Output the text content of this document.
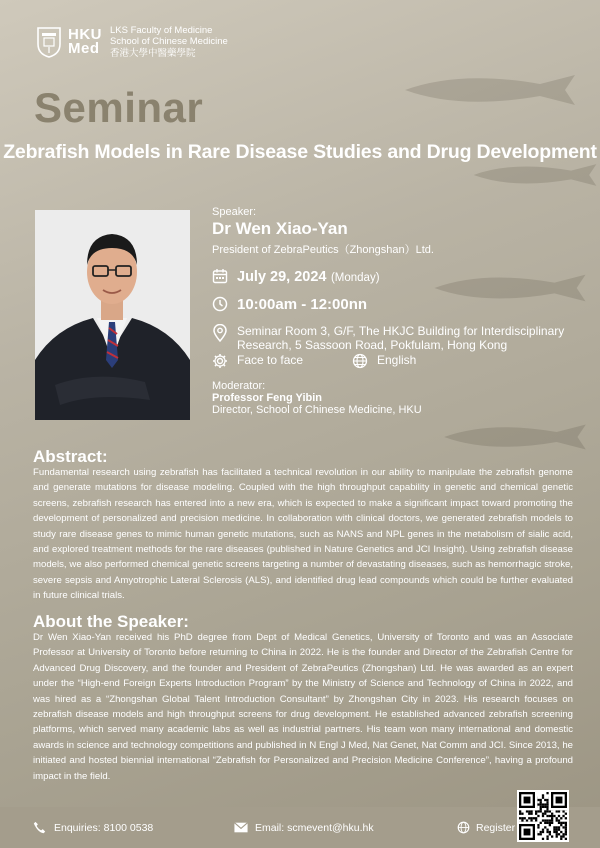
HKU
Med
LKS Faculty of Medicine
School of Chinese Medicine
香港大學中醫藥學院
Seminar
Zebrafish Models in Rare Disease Studies and Drug Development
Speaker:
Dr Wen Xiao-Yan
President of ZebraPeutics（Zhongshan）Ltd.
July 29, 2024 (Monday)
10:00am - 12:00nn
Seminar Room 3, G/F, The HKJC Building for Interdisciplinary
Research, 5 Sassoon Road, Pokfulam, Hong Kong
Face to face	English
Moderator:
Professor Feng Yibin
Director, School of Chinese Medicine, HKU
Abstract:
Fundamental research using zebrafish has facilitated a technical revolution in our ability to manipulate the zebrafish genome and generate mutations for disease modeling. Coupled with the high throughput capability in genetic and chemical genetic screens, zebrafish research has entered into a new era, which is expected to make a significant impact toward promoting the development of personalized and precision medicine. In collaboration with clinical doctors, we generated zebrafish models to study rare disease genes to mimic human genetic mutations, such as NANS and NPL genes in the metabolism of sialic acid, and explored treatment methods for the rare diseases (published in Nature Genetics and JCI Insight). Using zebrafish disease models, we also performed chemical genetic screens targeting a number of devastating diseases, such as hemorrhagic stroke, severe sepsis and Amyotrophic Lateral Sclerosis (ALS), and identified drug lead compounds which could be further evaluated in future clinical trials.
About the Speaker:
Dr Wen Xiao-Yan received his PhD degree from Dept of Medical Genetics, University of Toronto and was an Associate Professor at University of Toronto before returning to China in 2022. He is the founder and Director of the Zebrafish Centre for Advanced Drug Discovery, and the founder and President of ZebraPeutics (Zhongshan) Ltd. He was awarded as an expert under the “High-end Foreign Experts Introduction Program” by the Ministry of Science and Technology of China in 2022, and was hired as a “Zhongshan Global Talent Introduction Consultant” by Zhongshan City in 2023. His research focuses on zebrafish disease models and high throughput screens for drug development. He established advanced zebrafish screening platforms, which served many academic labs as well as industrial partners. His team won many international and domestic awards in science and technology competitions and published in N Engl J Med, Nat Genet, Nat Comm and JCI. Since 2013, he initiated and hosted biennial international “Zebrafish for Personalized and Precision Medicine Conference”, having a profound impact in the field.
Enquiries: 8100 0538	Email: scmevent@hku.hk	Register
